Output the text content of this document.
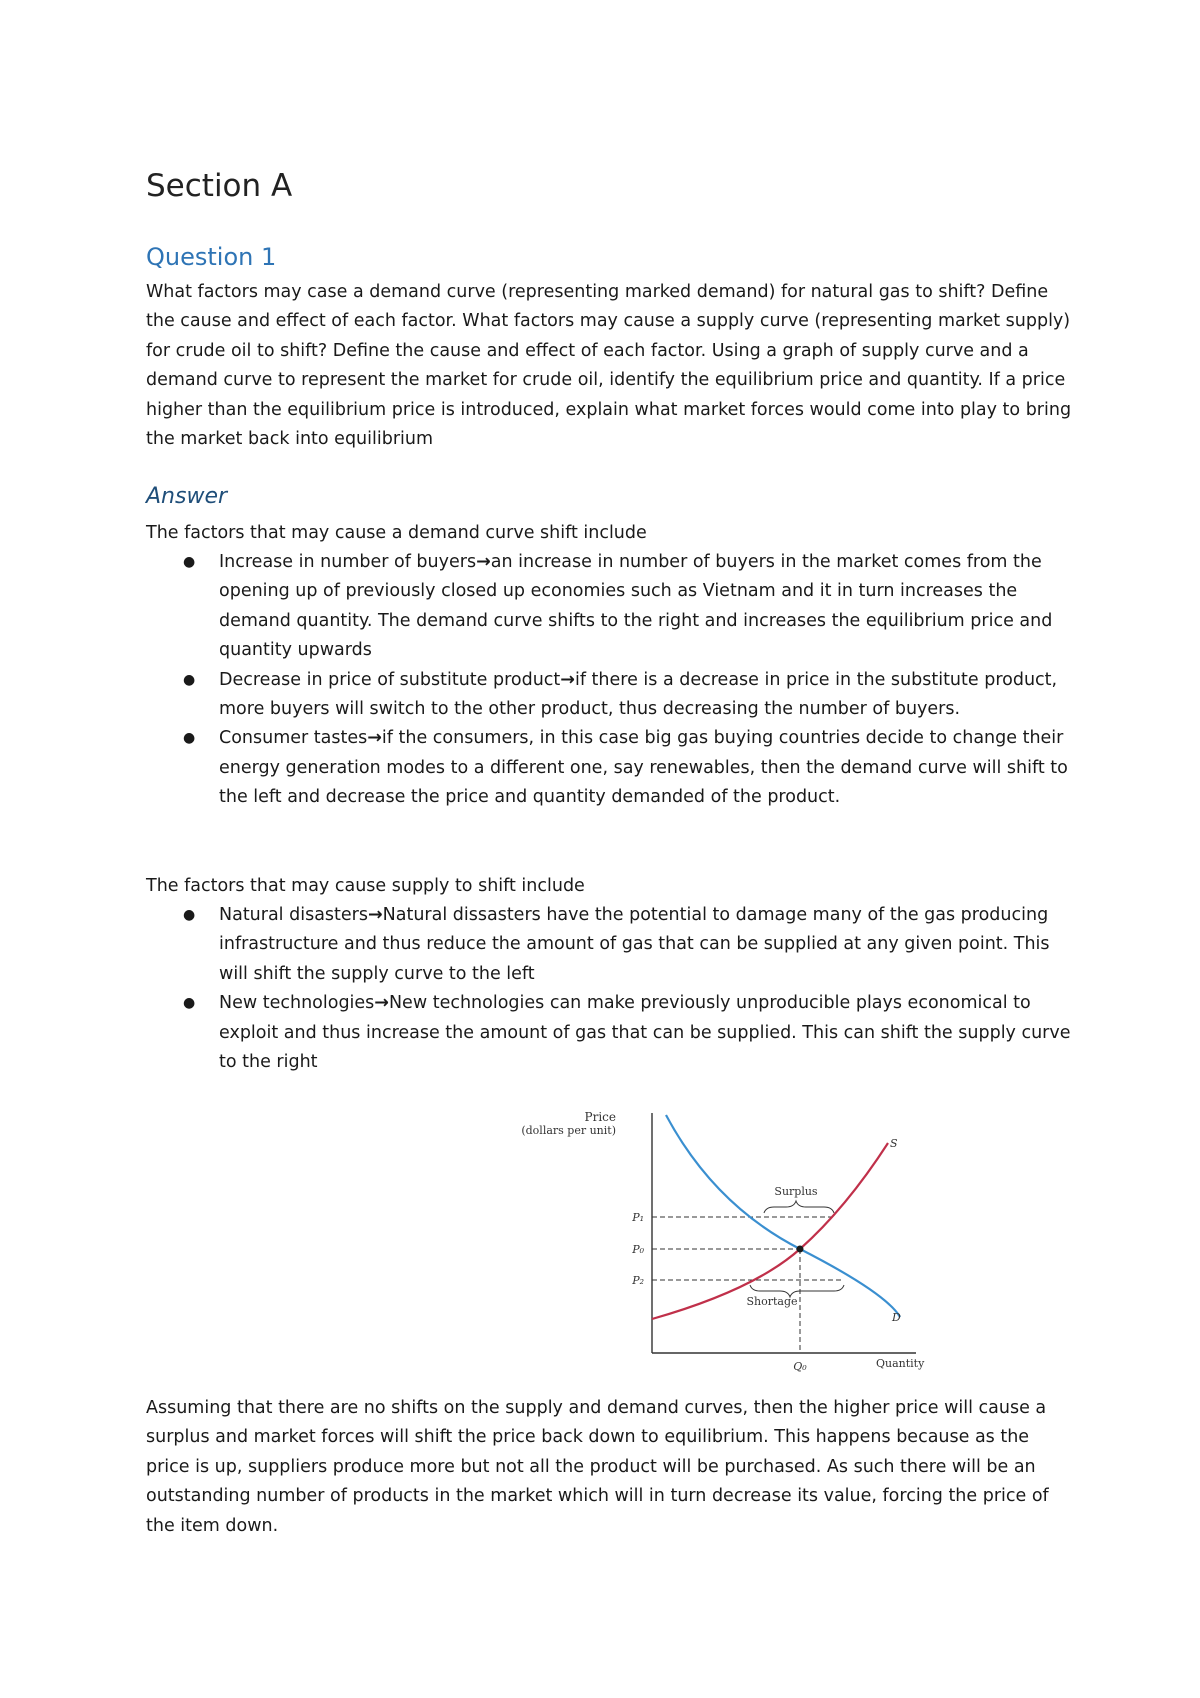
Section A
Question 1

What factors may case a demand curve (representing marked demand) for natural gas to shift? Define the cause and effect of each factor. What factors may cause a supply curve (representing market supply) for crude oil to shift? Define the cause and effect of each factor. Using a graph of supply curve and a demand curve to represent the market for crude oil, identify the equilibrium price and quantity. If a price higher than the equilibrium price is introduced, explain what market forces would come into play to bring the market back into equilibrium

Answer

The factors that may cause a demand curve shift include

● Increase in number of buyers→an increase in number of buyers in the market comes from the opening up of previously closed up economies such as Vietnam and it in turn increases the demand quantity. The demand curve shifts to the right and increases the equilibrium price and quantity upwards
● Decrease in price of substitute product→if there is a decrease in price in the substitute product, more buyers will switch to the other product, thus decreasing the number of buyers.
● Consumer tastes→if the consumers, in this case big gas buying countries decide to change their energy generation modes to a different one, say renewables, then the demand curve will shift to the left and decrease the price and quantity demanded of the product.

The factors that may cause supply to shift include

● Natural disasters→Natural dissasters have the potential to damage many of the gas producing infrastructure and thus reduce the amount of gas that can be supplied at any given point. This will shift the supply curve to the left
● New technologies→New technologies can make previously unproducible plays economical to exploit and thus increase the amount of gas that can be supplied. This can shift the supply curve to the right
Price
(dollars per unit)
Quantity
P₁
P₀
P₂
Q₀
D
S
Surplus
Shortage

Assuming that there are no shifts on the supply and demand curves, then the higher price will cause a surplus and market forces will shift the price back down to equilibrium. This happens because as the price is up, suppliers produce more but not all the product will be purchased. As such there will be an outstanding number of products in the market which will in turn decrease its value, forcing the price of the item down.
